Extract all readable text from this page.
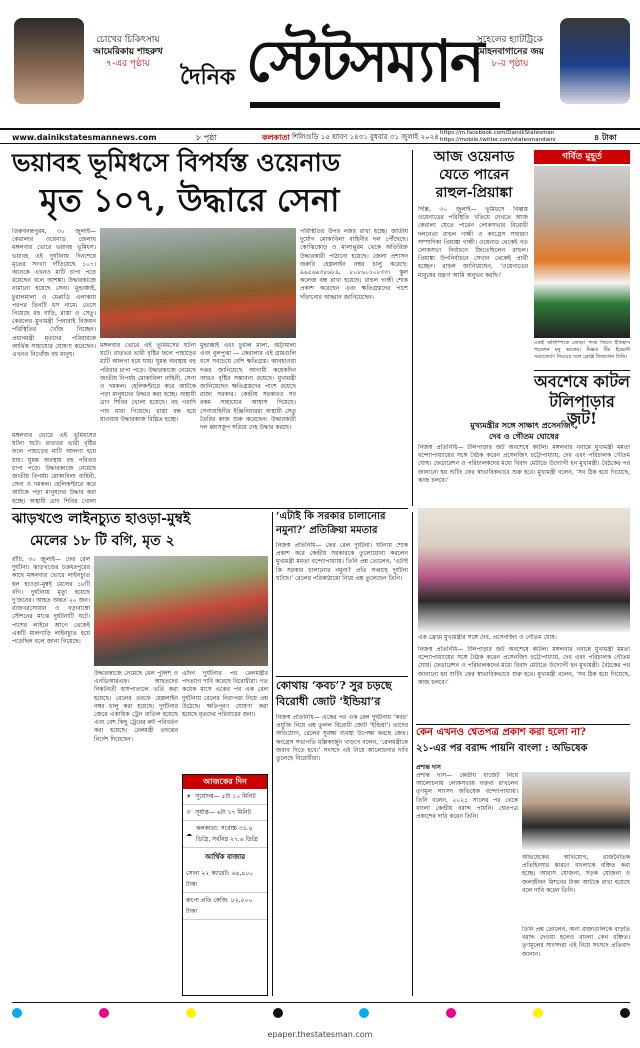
চোখের চিকিৎসায়
আমেরিকায় শাহরুখ
৭-এর পৃষ্ঠায়	দৈনিক স্টেটসম্যান
সুহেলের হ্যাটট্রিকে
মোহনবাগানের জয়
৮-র পৃষ্ঠায়
www.dainikstatesmannews.com	৮ পৃষ্ঠা	কলকাতা শিলিগুড়ি ১৫ শ্রাবণ ১৪৩১ বুধবার ৩১ জুলাই ২০২৪ https://m.facebook.com/DainikStatesman
https://mobile.twitter.com/statesmandaini	৪ টাকা
ভয়াবহ ভূমিধসে বিপর্যস্ত ওয়েনাড
মৃত ১০৭, উদ্ধারে সেনা
তিরুবনন্তপুরম, ৩০ জুলাই— কেরালার ওয়েনাড জেলায় মঙ্গলবার ভোরে ভয়াবহ ভূমিধস। ভয়াবহ এই দুর্ঘটনায় দিনশেষে মৃতের সংখ্যা দাঁড়িয়েছে ১০৭। অনেকে এখনও মাটি চাপা পড়ে রয়েছেন বলে আশঙ্কা। উদ্ধারকাজে নামানো হয়েছে সেনা। মুন্ডাক্কাই, চুরালমালা ও মেপ্পাডি এলাকায় পরপর তিনটি ধস নামে। ভেসে গিয়েছে বহু বাড়ি, রাস্তা ও সেতু। কেরলের মুখ্যমন্ত্রী পিনারাই বিজয়ন পরিস্থিতির খোঁজ নিচ্ছেন। প্রধানমন্ত্রী মৃতদের পরিবারকে আর্থিক সাহায্যের ঘোষণা করেছেন। এখনও নিখোঁজ বহু মানুষ।
মঙ্গলবার ভোরে এই ভূমিধসের ঘটনা ঘটে। রাতভর ভারী বৃষ্টির ফলে পাহাড়ের মাটি আলগা হয়ে যায়। ঘুমন্ত অবস্থায় বহু পরিবার চাপা পড়ে। উদ্ধারকাজে নেমেছে জাতীয় বিপর্যয় মোকাবিলা বাহিনী, সেনা ও দমকল। হেলিকপ্টারে করে আটকে পড়া মানুষদের উদ্ধার করা হচ্ছে। অস্থায়ী ত্রাণ শিবির খোলা
মঙ্গলবার ভোরে এই ভূমিধসের ঘটনা ঘটে। রাতভর ভারী বৃষ্টির ফলে পাহাড়ের মাটি আলগা হয়ে যায়। ঘুমন্ত অবস্থায় বহু পরিবার চাপা পড়ে। উদ্ধারকাজে নেমেছে জাতীয় বিপর্যয় মোকাবিলা বাহিনী, সেনা ও দমকল। হেলিকপ্টারে করে আটকে পড়া মানুষদের উদ্ধার করা হচ্ছে। অস্থায়ী ত্রাণ শিবির খোলা হয়েছে। বহু গবাদি পশু মারা গিয়েছে। রাস্তা বন্ধ হয়ে যাওয়ায় উদ্ধারকাজ বিঘ্নিত হচ্ছে।
মুন্ডাক্কাই এবং চুরাল মালা, অট্টামালা এবং নুলপুঝা — কেরালার এই গ্রামগুলি ধসে সবচেয়ে বেশি ক্ষতিগ্রস্ত। আবহাওয়া দপ্তর জানিয়েছে আগামী কয়েকদিন আরও বৃষ্টির সম্ভাবনা রয়েছে। মুখ্যমন্ত্রী জানিয়েছেন ক্ষতিগ্রস্তদের পাশে রয়েছে রাজ্য সরকার। কেন্দ্রীয় সরকারও সব রকম সাহায্যের আশ্বাস দিয়েছে। সেনাবাহিনীর ইঞ্জিনিয়াররা অস্থায়ী সেতু তৈরির কাজ শুরু করেছেন। উদ্ধারকারী দল ধ্বংসস্তূপ সরিয়ে দেহ উদ্ধার করছে।
পরিস্থিতির উপর নজর রাখা হচ্ছে। জাতীয় দুর্যোগ মোকাবিলা বাহিনীর দল পৌঁছেছে। কোঝিকোড় ও মালাপ্পুরম থেকে অতিরিক্ত উদ্ধারকারী পাঠানো হয়েছে। জেলা প্রশাসন জরুরি হেল্পলাইন নম্বর চালু করেছে: ৯৬৫৬৯৩৮৬৮৯, ৮০৮৬০১০৮৩৩। স্কুল কলেজ বন্ধ রাখা হয়েছে। রাহুল গান্ধী শোক প্রকাশ করেছেন এবং ক্ষতিগ্রস্তদের পাশে দাঁড়ানোর আহ্বান জানিয়েছেন।
আজ ওয়েনাড
যেতে পারেন
রাহুল-প্রিয়াঙ্কা
দিল্লি, ৩০ জুলাই— ভূমিধসে বিধ্বস্ত ওয়েনাডের পরিস্থিতি খতিয়ে দেখতে আজ কেরালা যেতে পারেন লোকসভার বিরোধী দলনেতা রাহুল গান্ধী ও কংগ্রেস সাধারণ সম্পাদিকা প্রিয়াঙ্কা গান্ধী। ওয়েনাড থেকেই গত লোকসভা নির্বাচনে জিতেছিলেন রাহুল। প্রিয়াঙ্কা উপনির্বাচনে সেখান থেকেই প্রার্থী হচ্ছেন। রাহুল জানিয়েছেন, ‘ওয়েনাডের মানুষের যন্ত্রণা আমি অনুভব করছি।’
গর্বিত মুহূর্ত
একই অলিম্পিকে জোড়া পদক জিতে ইতিহাস গড়লেন মনু ভাকের। মিক্সড টিম ইভেন্টে সরবজ্যোৎ সিংয়ের সঙ্গে ব্রোঞ্জ জিতলেন তিনি।
অবশেষে কাটল
টলিপাড়ার জট!
মুখ্যমন্ত্রীর সঙ্গে সাক্ষাৎ প্রসেনজিৎ,
দেব ও গৌতম ঘোষের
নিজস্ব প্রতিনিধি— টলিপাড়ার জট অবশেষে কাটল। মঙ্গলবার নবান্নে মুখ্যমন্ত্রী মমতা বন্দ্যোপাধ্যায়ের সঙ্গে বৈঠক করেন প্রসেনজিৎ চট্টোপাধ্যায়, দেব এবং পরিচালক গৌতম ঘোষ। ফেডারেশন ও পরিচালকদের মধ্যে বিবাদ মেটাতে উদ্যোগী হন মুখ্যমন্ত্রী। বৈঠকের পর জানানো হয় শুটিং ফের স্বাভাবিকভাবে শুরু হবে। মুখ্যমন্ত্রী বলেন, ‘সব ঠিক হয়ে গিয়েছে, কাজ চলবে।’
এক ফ্রেমে মুখ্যমন্ত্রীর সঙ্গে দেব, প্রসেনজিৎ ও গৌতম ঘোষ।
নিজস্ব প্রতিনিধি— টলিপাড়ার জট অবশেষে কাটল। মঙ্গলবার নবান্নে মুখ্যমন্ত্রী মমতা বন্দ্যোপাধ্যায়ের সঙ্গে বৈঠক করেন প্রসেনজিৎ চট্টোপাধ্যায়, দেব এবং পরিচালক গৌতম ঘোষ। ফেডারেশন ও পরিচালকদের মধ্যে বিবাদ মেটাতে উদ্যোগী হন মুখ্যমন্ত্রী। বৈঠকের পর জানানো হয় শুটিং ফের স্বাভাবিকভাবে শুরু হবে। মুখ্যমন্ত্রী বলেন, ‘সব ঠিক হয়ে গিয়েছে, কাজ চলবে।’
ঝাড়খণ্ডে লাইনচ্যুত হাওড়া-মুম্বই
মেলের ১৮ টি বগি, মৃত ২
রাঁচি, ৩০ জুলাই— ফের রেল দুর্ঘটনা। ঝাড়খণ্ডের চক্রধরপুরের কাছে মঙ্গলবার ভোরে লাইনচ্যুত হল হাওড়া-মুম্বই মেলের ১৮টি বগি। দুর্ঘটনায় মৃত্যু হয়েছে দু’জনের। আহত অন্তত ২০ জন। রাজখরসোয়ান ও বড়াবাম্বো স্টেশনের মাঝে দুর্ঘটনাটি ঘটে। পাশের লাইনে আগে থেকেই একটি মালগাড়ি লাইনচ্যুত হয়ে পড়েছিল বলে জানা গিয়েছে।
উদ্ধারকাজে নেমেছে রেল পুলিশ ও এনডিআরএফ। আহতদের নিকটবর্তী হাসপাতালে ভর্তি করা হয়েছে। রেলের তরফে হেল্পলাইন নম্বর চালু করা হয়েছে। দুর্ঘটনার জেরে একাধিক ট্রেন বাতিল হয়েছে এবং বেশ কিছু ট্রেনের রুট পরিবর্তন করা হয়েছে। রেলমন্ত্রী তদন্তের নির্দেশ দিয়েছেন।
এদিন দুর্ঘটনার পর রেলমন্ত্রীর পদত্যাগ দাবি করেছে বিরোধীরা। গত কয়েক মাসে একের পর এক রেল দুর্ঘটনায় রেলের নিরাপত্তা নিয়ে প্রশ্ন উঠেছে। ক্ষতিপূরণ ঘোষণা করা হয়েছে মৃতদের পরিবারের জন্য।
‘এটাই কি সরকার চালানোর
নমুনা?’ প্রতিক্রিয়া মমতার
নিজস্ব প্রতিনিধি— ফের রেল দুর্ঘটনা। ঘটনায় শোক প্রকাশ করে কেন্দ্রীয় সরকারকে তুলোধোনা করলেন মুখ্যমন্ত্রী মমতা বন্দ্যোপাধ্যায়। তিনি প্রশ্ন তোলেন, ‘এটাই কি সরকার চালানোর নমুনা? প্রতি সপ্তাহে দুর্ঘটনা ঘটছে।’ রেলের পরিকাঠামো নিয়ে প্রশ্ন তুলেছেন তিনি।
কোথায় ‘কবচ’? সুর চড়ছে
বিরোধী জোট ‘ইন্ডিয়া’র
নিজস্ব প্রতিনিধি— একের পর এক রেল দুর্ঘটনায় ‘কবচ’ প্রযুক্তি নিয়ে প্রশ্ন তুলল বিরোধী জোট ‘ইন্ডিয়া’। তাদের অভিযোগ, রেলের সুরক্ষা ব্যবস্থা উপেক্ষা করছে কেন্দ্র। কংগ্রেস সভাপতি মল্লিকার্জুন খাড়গে বলেন, ‘রেলমন্ত্রীকে জবাব দিতে হবে।’ সংসদে এই নিয়ে আলোচনার দাবি তুলেছে বিরোধীরা।
আজকের দিন
☀ সূর্যোদয়— ৫টা ১০ মিনিট
☼ সূর্যাস্ত— ৬টা ১৭ মিনিট
☁
কলকাতা: সর্বোচ্চ ৩১.৪ ডিগ্রি, সর্বনিম্ন ২৭.৬ ডিগ্রি
আর্থিক বাজার
সোনা ২২ ক্যারেট: ৬৪,৪০০ টাকা
রুপো প্রতি কেজি: ৮২,৫০০ টাকা
কেন এখনও শ্বেতপত্র প্রকাশ করা হলো না?
২১-এর পর বরাদ্দ পায়নি বাংলা : অভিষেক
প্রশান্ত দাস
প্রশান্ত দাস— কেন্দ্রীয় বাজেট নিয়ে আলোচনায় লোকসভায় বক্তব্য রাখলেন তৃণমূল সাংসদ অভিষেক বন্দ্যোপাধ্যায়। তিনি বলেন, ২০২১ সালের পর থেকে বাংলা কেন্দ্রীয় বরাদ্দ পায়নি। শ্বেতপত্র প্রকাশের দাবি করেন তিনি।
অভিষেকের অভিযোগ, রাজনৈতিক প্রতিহিংসার কারণে বাংলাকে বঞ্চিত করা হচ্ছে। আবাস যোজনা, সড়ক যোজনা ও জলজীবন মিশনের টাকা আটকে রাখা হয়েছে বলে দাবি করেন তিনি।
তিনি প্রশ্ন তোলেন, অন্য রাজ্যগুলিকে বাড়তি বরাদ্দ দেওয়া হলেও বাংলা কেন বঞ্চিত। তৃণমূলের সাংসদরা এই নিয়ে সংসদে প্রতিবাদ জানান।
epaper.thestatesman.com
